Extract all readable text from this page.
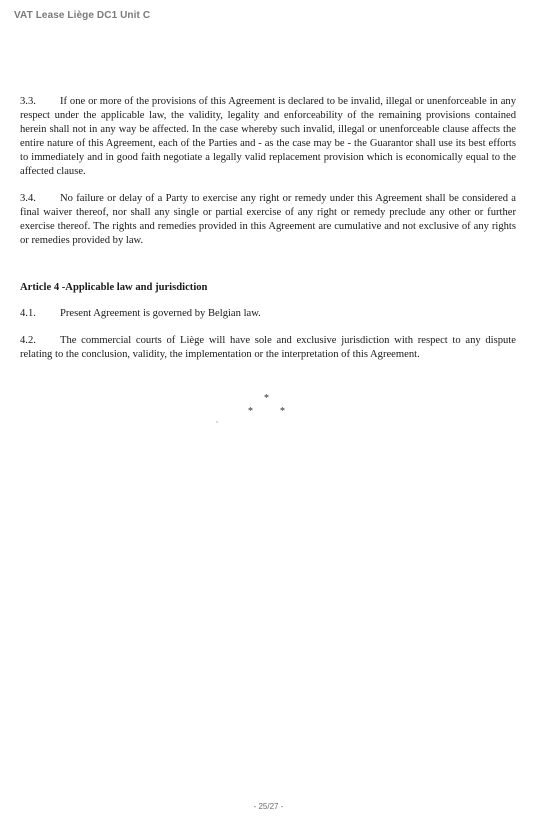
VAT Lease Liège DC1 Unit C

3.3. If one or more of the provisions of this Agreement is declared to be invalid, illegal or unenforceable in any respect under the applicable law, the validity, legality and enforceability of the remaining provisions contained herein shall not in any way be affected. In the case whereby such invalid, illegal or unenforceable clause affects the entire nature of this Agreement, each of the Parties and - as the case may be - the Guarantor shall use its best efforts to immediately and in good faith negotiate a legally valid replacement provision which is economically equal to the affected clause.

3.4. No failure or delay of a Party to exercise any right or remedy under this Agreement shall be considered a final waiver thereof, nor shall any single or partial exercise of any right or remedy preclude any other or further exercise thereof. The rights and remedies provided in this Agreement are cumulative and not exclusive of any rights or remedies provided by law.

Article 4 -Applicable law and jurisdiction

4.1. Present Agreement is governed by Belgian law.

4.2. The commercial courts of Liège will have sole and exclusive jurisdiction with respect to any dispute relating to the conclusion, validity, the implementation or the interpretation of this Agreement.

*
*	*
- 25/27 -
